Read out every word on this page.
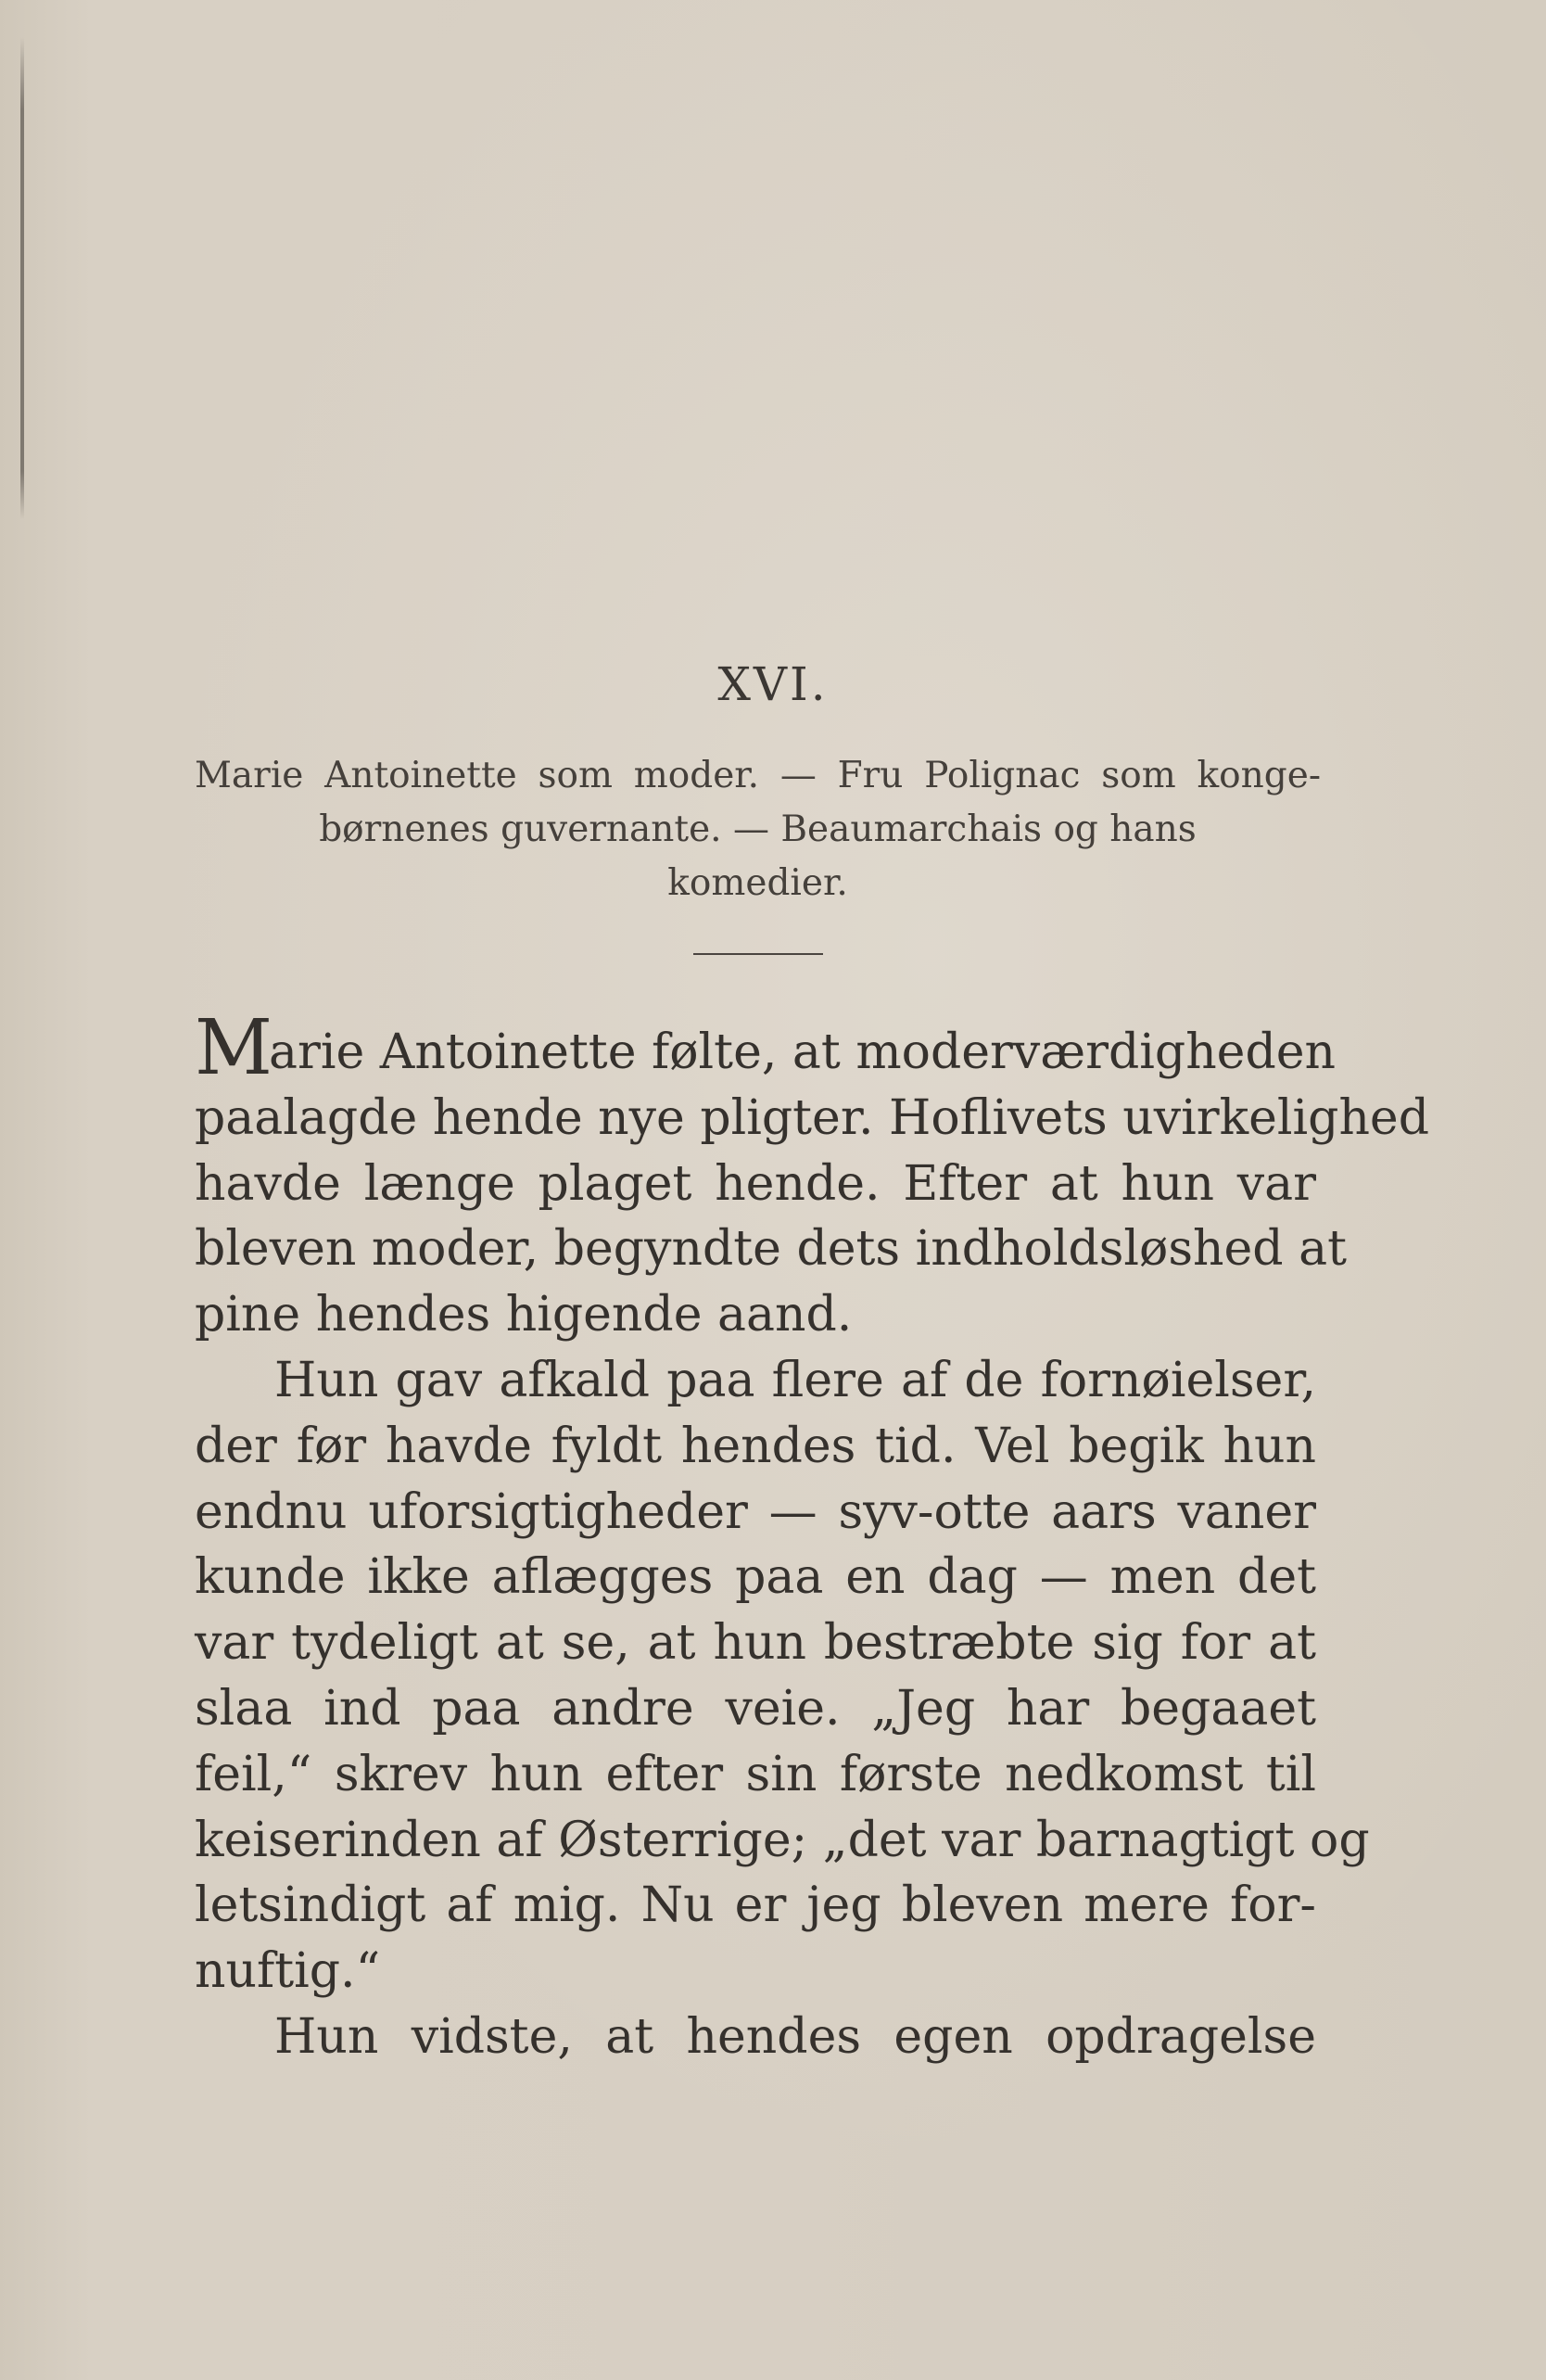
XVI.
Marie Antoinette som moder. — Fru Polignac som konge-
børnenes guvernante. — Beaumarchais og hans
komedier.
Marie Antoinette følte, at moderværdigheden
paalagde hende nye pligter. Hoflivets uvirkelighed
havde længe plaget hende. Efter at hun var
bleven moder, begyndte dets indholdsløshed at
pine hendes higende aand.
Hun gav afkald paa flere af de fornøielser,
der før havde fyldt hendes tid. Vel begik hun
endnu uforsigtigheder — syv-otte aars vaner
kunde ikke aflægges paa en dag — men det
var tydeligt at se, at hun bestræbte sig for at
slaa ind paa andre veie. „Jeg har begaaet
feil,“ skrev hun efter sin første nedkomst til
keiserinden af Østerrige; „det var barnagtigt og
letsindigt af mig. Nu er jeg bleven mere for-
nuftig.“
Hun vidste, at hendes egen opdragelse
